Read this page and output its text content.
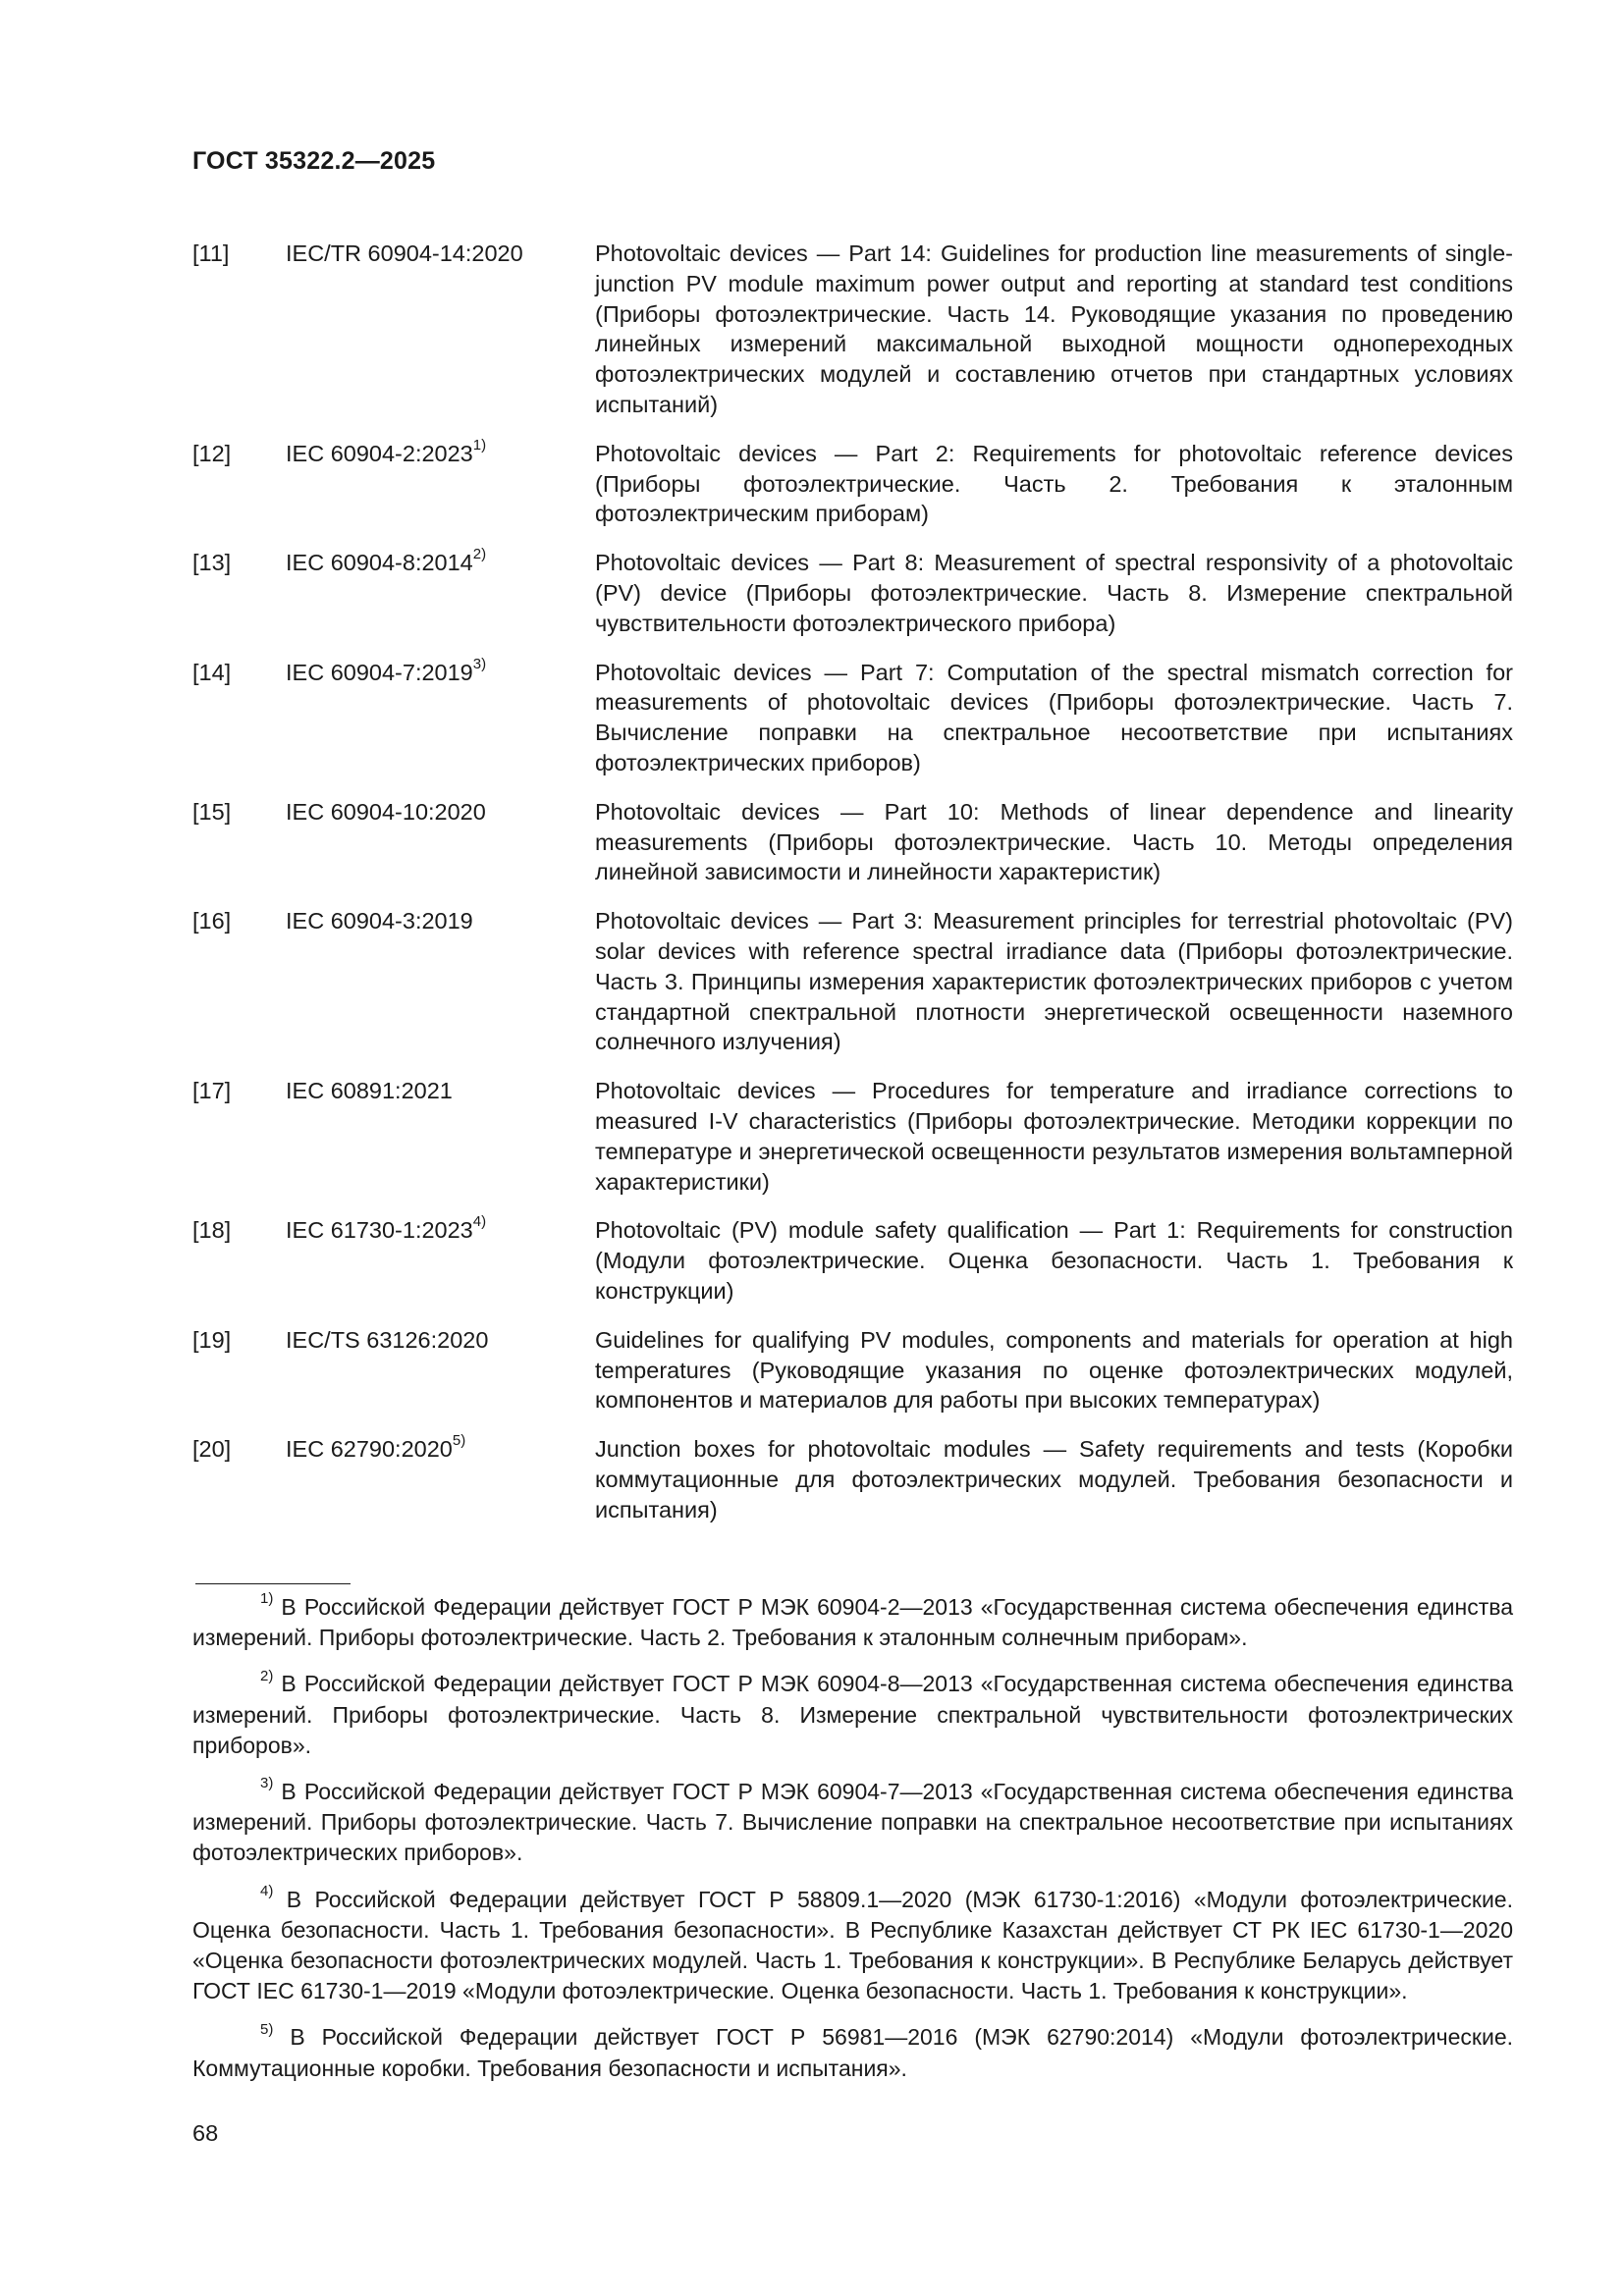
ГОСТ 35322.2—2025
[11]	IEC/TR 60904-14:2020	Photovoltaic devices — Part 14: Guidelines for production line measurements of single-junction PV module maximum power output and reporting at standard test conditions (Приборы фотоэлектрические. Часть 14. Руководящие указания по проведению линейных измерений максимальной выходной мощности однопереходных фотоэлектрических модулей и составлению отчетов при стандартных условиях испытаний)
[12]	IEC 60904-2:2023$^{1)}$	Photovoltaic devices — Part 2: Requirements for photovoltaic reference devices (Приборы фотоэлектрические. Часть 2. Требования к эталонным фотоэлектрическим приборам)
[13]	IEC 60904-8:2014$^{2)}$	Photovoltaic devices — Part 8: Measurement of spectral responsivity of a photovoltaic (PV) device (Приборы фотоэлектрические. Часть 8. Измерение спектральной чувствительности фотоэлектрического прибора)
[14]	IEC 60904-7:2019$^{3)}$	Photovoltaic devices — Part 7: Computation of the spectral mismatch correction for measurements of photovoltaic devices (Приборы фотоэлектрические. Часть 7. Вычисление поправки на спектральное несоответствие при испытаниях фотоэлектрических приборов)
[15]	IEC 60904-10:2020	Photovoltaic devices — Part 10: Methods of linear dependence and linearity measurements (Приборы фотоэлектрические. Часть 10. Методы определения линейной зависимости и линейности характеристик)
[16]	IEC 60904-3:2019	Photovoltaic devices — Part 3: Measurement principles for terrestrial photovoltaic (PV) solar devices with reference spectral irradiance data (Приборы фотоэлектрические. Часть 3. Принципы измерения характеристик фотоэлектрических приборов с учетом стандартной спектральной плотности энергетической освещенности наземного солнечного излучения)
[17]	IEC 60891:2021	Photovoltaic devices — Procedures for temperature and irradiance corrections to measured I-V characteristics (Приборы фотоэлектрические. Методики коррекции по температуре и энергетической освещенности результатов измерения вольтамперной характеристики)
[18]	IEC 61730-1:2023$^{4)}$	Photovoltaic (PV) module safety qualification — Part 1: Requirements for construction (Модули фотоэлектрические. Оценка безопасности. Часть 1. Требования к конструкции)
[19]	IEC/TS 63126:2020	Guidelines for qualifying PV modules, components and materials for operation at high temperatures (Руководящие указания по оценке фотоэлектрических модулей, компонентов и материалов для работы при высоких температурах)
[20]	IEC 62790:2020$^{5)}$	Junction boxes for photovoltaic modules — Safety requirements and tests (Коробки коммутационные для фотоэлектрических модулей. Требования безопасности и испытания)

$^{1)}$ В Российской Федерации действует ГОСТ Р МЭК 60904-2—2013 «Государственная система обеспечения единства измерений. Приборы фотоэлектрические. Часть 2. Требования к эталонным солнечным приборам».

$^{2)}$ В Российской Федерации действует ГОСТ Р МЭК 60904-8—2013 «Государственная система обеспечения единства измерений. Приборы фотоэлектрические. Часть 8. Измерение спектральной чувствительности фотоэлектрических приборов».

$^{3)}$ В Российской Федерации действует ГОСТ Р МЭК 60904-7—2013 «Государственная система обеспечения единства измерений. Приборы фотоэлектрические. Часть 7. Вычисление поправки на спектральное несоответствие при испытаниях фотоэлектрических приборов».

$^{4)}$ В Российской Федерации действует ГОСТ Р 58809.1—2020 (МЭК 61730-1:2016) «Модули фотоэлектрические. Оценка безопасности. Часть 1. Требования безопасности». В Республике Казахстан действует СТ РК IEC 61730-1—2020 «Оценка безопасности фотоэлектрических модулей. Часть 1. Требования к конструкции». В Республике Беларусь действует ГОСТ IEC 61730-1—2019 «Модули фотоэлектрические. Оценка безопасности. Часть 1. Требования к конструкции».

$^{5)}$ В Российской Федерации действует ГОСТ Р 56981—2016 (МЭК 62790:2014) «Модули фотоэлектрические. Коммутационные коробки. Требования безопасности и испытания».

68
